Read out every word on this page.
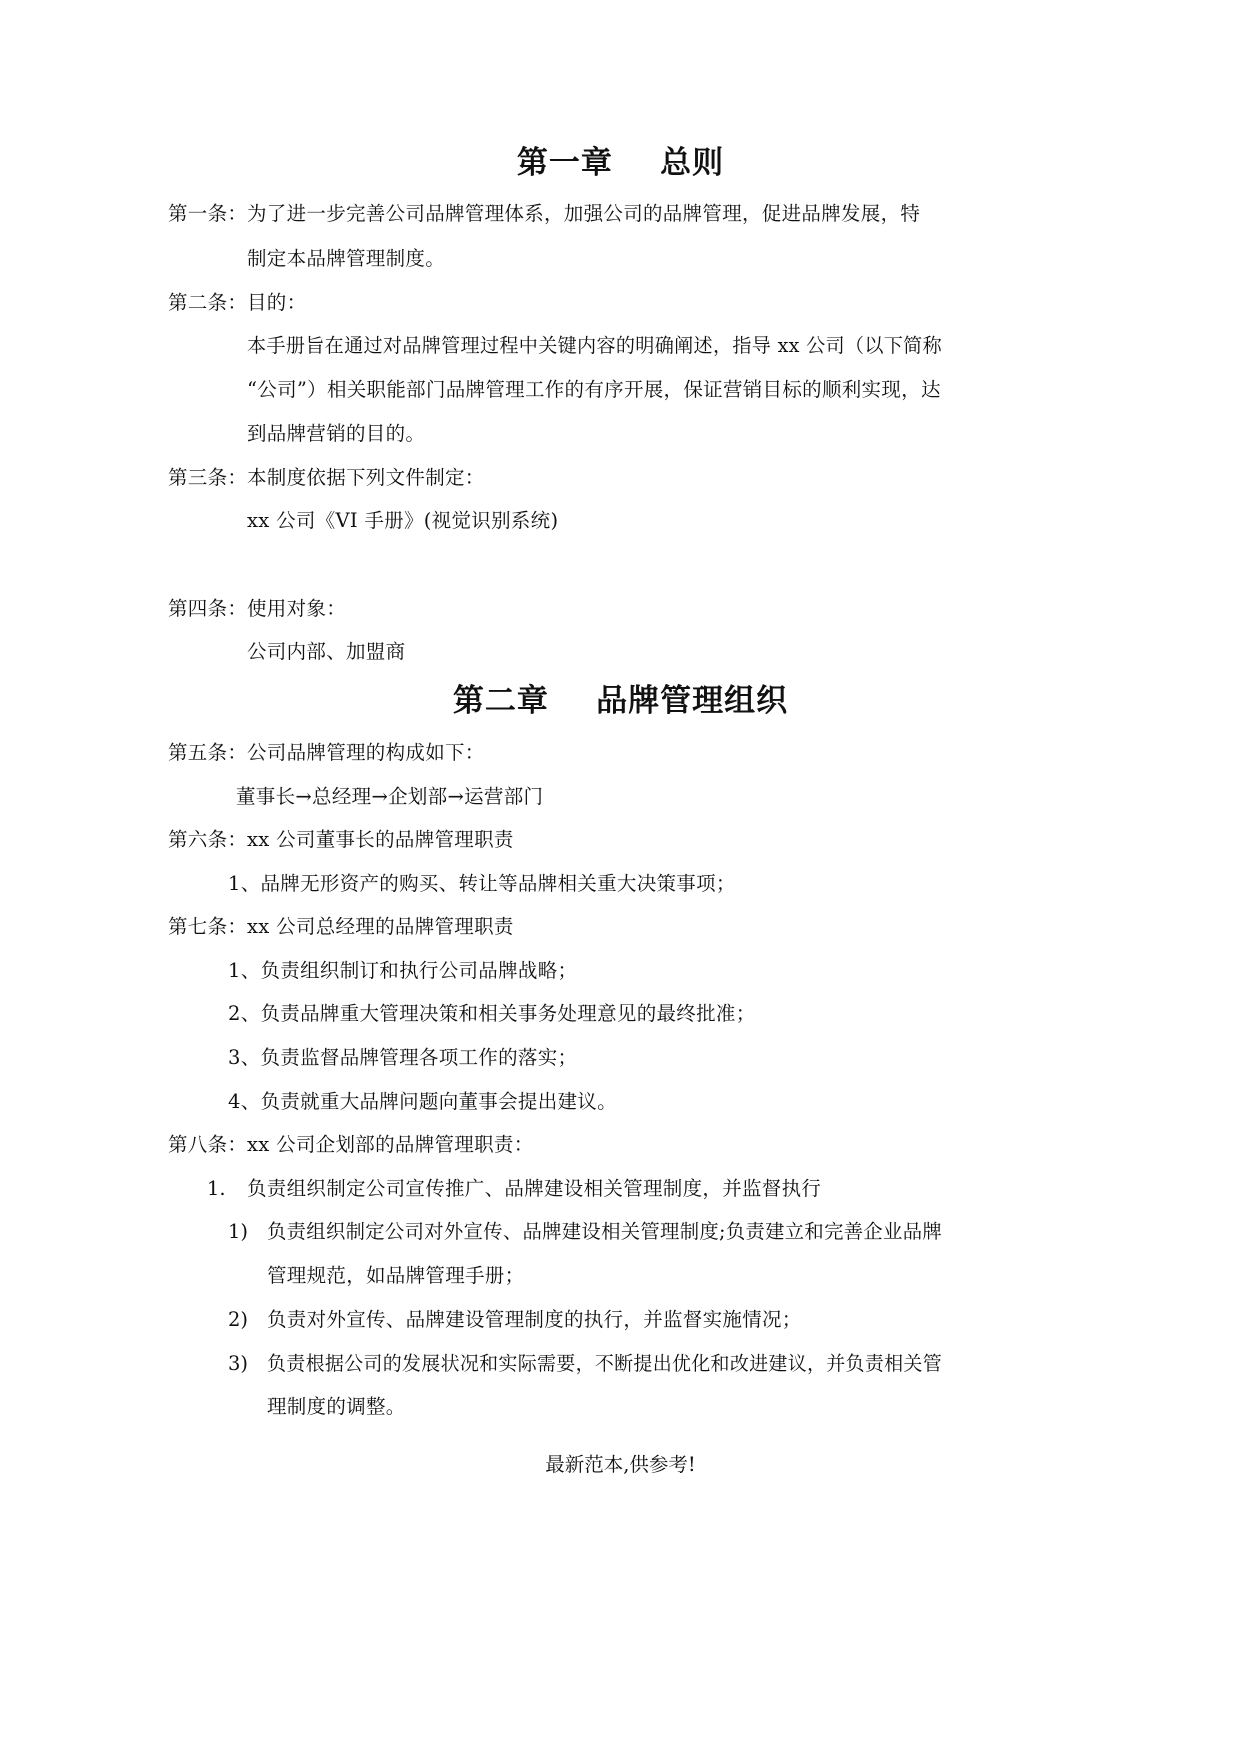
第一章    总则
第一条： 为了进一步完善公司品牌管理体系，加强公司的品牌管理，促进品牌发展，特
制定本品牌管理制度。
第二条： 目的：
本手册旨在通过对品牌管理过程中关键内容的明确阐述，指导 xx 公司（以下简称
“公司”）相关职能部门品牌管理工作的有序开展，保证营销目标的顺利实现，达
到品牌营销的目的。
第三条： 本制度依据下列文件制定：
xx 公司《VI 手册》(视觉识别系统)
第四条： 使用对象：
公司内部、加盟商
第二章    品牌管理组织
第五条： 公司品牌管理的构成如下：
董事长→总经理→企划部→运营部门
第六条： xx 公司董事长的品牌管理职责
1、品牌无形资产的购买、转让等品牌相关重大决策事项；
第七条： xx 公司总经理的品牌管理职责
1、负责组织制订和执行公司品牌战略；
2、负责品牌重大管理决策和相关事务处理意见的最终批准；
3、负责监督品牌管理各项工作的落实；
4、负责就重大品牌问题向董事会提出建议。
第八条： xx 公司企划部的品牌管理职责：
1. 负责组织制定公司宣传推广、品牌建设相关管理制度，并监督执行
1) 负责组织制定公司对外宣传、品牌建设相关管理制度;负责建立和完善企业品牌
管理规范，如品牌管理手册；
2) 负责对外宣传、品牌建设管理制度的执行，并监督实施情况；
3) 负责根据公司的发展状况和实际需要，不断提出优化和改进建议，并负责相关管
理制度的调整。
最新范本,供参考!
